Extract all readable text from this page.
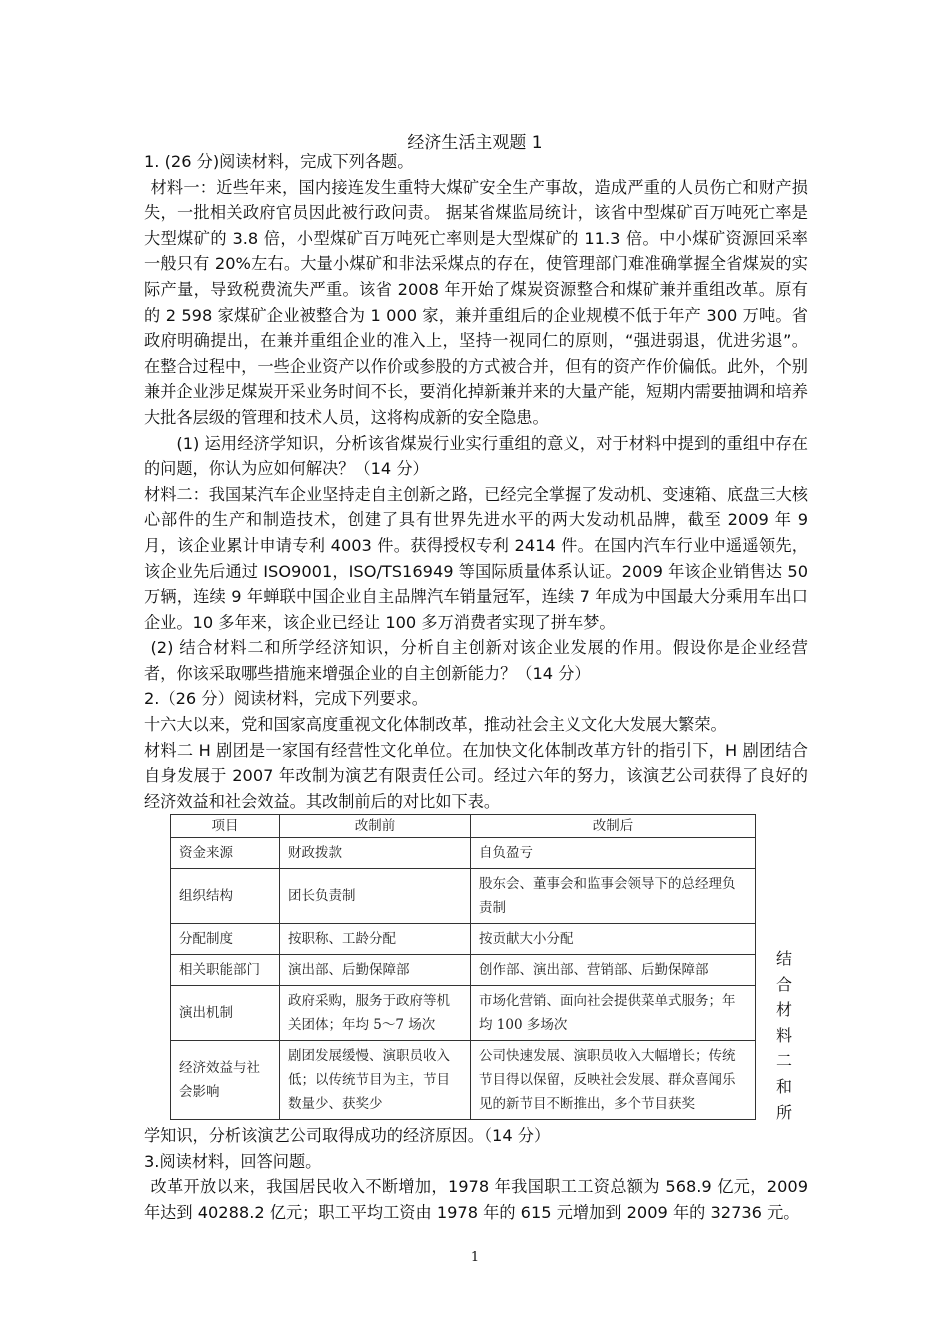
经济生活主观题 1

1. (26 分)阅读材料，完成下列各题。

材料一：近些年来，国内接连发生重特大煤矿安全生产事故，造成严重的人员伤亡和财产损失，一批相关政府官员因此被行政问责。 据某省煤监局统计，该省中型煤矿百万吨死亡率是大型煤矿的 3.8 倍，小型煤矿百万吨死亡率则是大型煤矿的 11.3 倍。中小煤矿资源回采率一般只有 20%左右。大量小煤矿和非法采煤点的存在，使管理部门难准确掌握全省煤炭的实际产量，导致税费流失严重。该省 2008 年开始了煤炭资源整合和煤矿兼并重组改革。原有的 2 598 家煤矿企业被整合为 1 000 家，兼并重组后的企业规模不低于年产 300 万吨。省政府明确提出，在兼并重组企业的准入上，坚持一视同仁的原则，“强进弱退，优进劣退”。在整合过程中，一些企业资产以作价或参股的方式被合并，但有的资产作价偏低。此外，个别兼并企业涉足煤炭开采业务时间不长，要消化掉新兼并来的大量产能，短期内需要抽调和培养大批各层级的管理和技术人员，这将构成新的安全隐患。

(1) 运用经济学知识，分析该省煤炭行业实行重组的意义，对于材料中提到的重组中存在的问题，你认为应如何解决？（14 分）

材料二：我国某汽车企业坚持走自主创新之路，已经完全掌握了发动机、变速箱、底盘三大核心部件的生产和制造技术，创建了具有世界先进水平的两大发动机品牌，截至 2009 年 9 月，该企业累计申请专利 4003 件。获得授权专利 2414 件。在国内汽车行业中遥遥领先，该企业先后通过 ISO9001，ISO/TS16949 等国际质量体系认证。2009 年该企业销售达 50 万辆，连续 9 年蝉联中国企业自主品牌汽车销量冠军，连续 7 年成为中国最大分乘用车出口企业。10 多年来，该企业已经让 100 多万消费者实现了拼车梦。

(2) 结合材料二和所学经济知识，分析自主创新对该企业发展的作用。假设你是企业经营者，你该采取哪些措施来增强企业的自主创新能力？（14 分）

2.（26 分）阅读材料，完成下列要求。

十六大以来，党和国家高度重视文化体制改革，推动社会主义文化大发展大繁荣。

材料二 H 剧团是一家国有经营性文化单位。在加快文化体制改革方针的指引下，H 剧团结合自身发展于 2007 年改制为演艺有限责任公司。经过六年的努力，该演艺公司获得了良好的经济效益和社会效益。其改制前后的对比如下表。

项目	改制前	改制后
资金来源	财政拨款	自负盈亏
组织结构	团长负责制	股东会、董事会和监事会领导下的总经理负责制
分配制度	按职称、工龄分配	按贡献大小分配
相关职能部门	演出部、后勤保障部	创作部、演出部、营销部、后勤保障部
演出机制	政府采购，服务于政府等机关团体；年均 5～7 场次	市场化营销、面向社会提供菜单式服务；年均 100 多场次
经济效益与社会影响	剧团发展缓慢、演职员收入低；以传统节目为主，节目数量少、获奖少	公司快速发展、演职员收入大幅增长；传统节目得以保留，反映社会发展、群众喜闻乐见的新节目不断推出，多个节目获奖
结
合
材
料
二
和
所

学知识，分析该演艺公司取得成功的经济原因。（14 分）

3.阅读材料，回答问题。

改革开放以来，我国居民收入不断增加，1978 年我国职工工资总额为 568.9 亿元，2009 年达到 40288.2 亿元；职工平均工资由 1978 年的 615 元增加到 2009 年的 32736 元。

1
